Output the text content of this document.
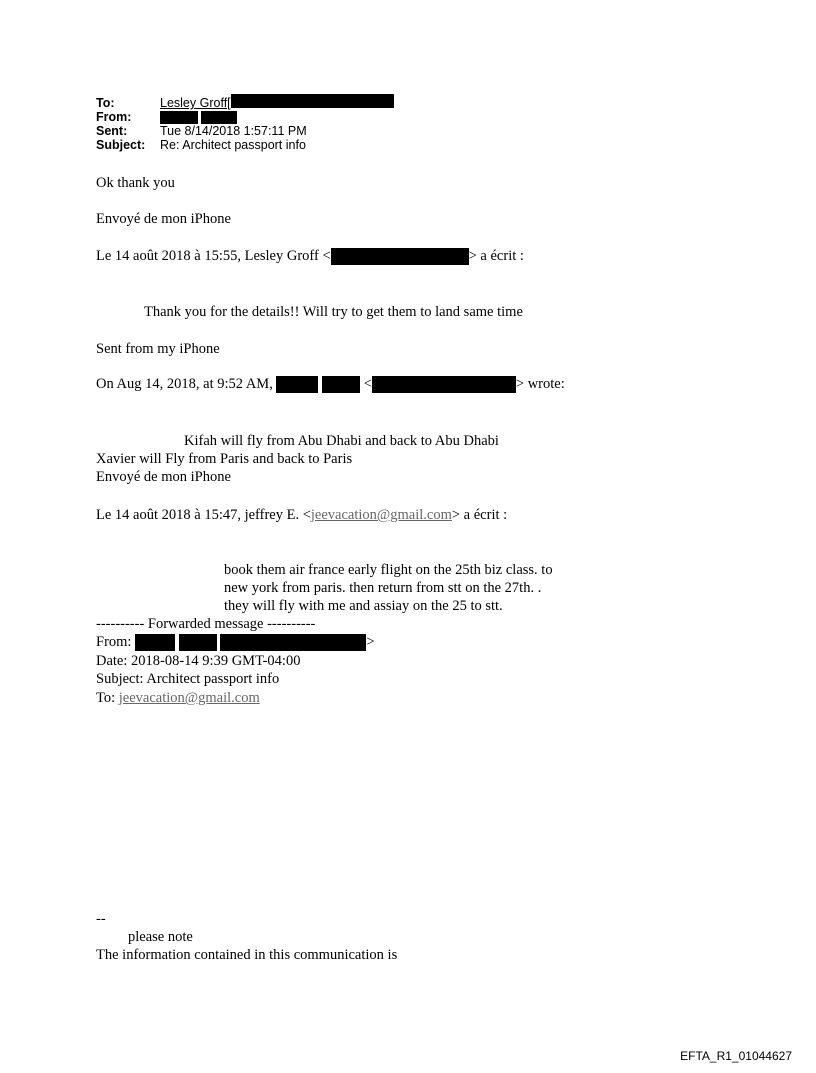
To:	Lesley Groff[
From:

Sent:	Tue 8/14/2018 1:57:11 PM
Subject: Re: Architect passport info
Ok thank you
Envoyé de mon iPhone
Le 14 août 2018 à 15:55, Lesley Groff <	> a écrit :
Thank you for the details!! Will try to get them to land same time
Sent from my iPhone
On Aug 14, 2018, at 9:52 AM,	<	> wrote:
Kifah will fly from Abu Dhabi and back to Abu Dhabi
Xavier will Fly from Paris and back to Paris
Envoyé de mon iPhone
Le 14 août 2018 à 15:47, jeffrey E. <jeevacation@gmail.com> a écrit :
book them air france early flight on the 25th biz class. to
new york from paris. then return from stt on the 27th. .
they will fly with me and assiay on the 25 to stt.
---------- Forwarded message ----------
From:	>
Date: 2018-08-14 9:39 GMT-04:00
Subject: Architect passport info
To: jeevacation@gmail.com
--
please note
The information contained in this communication is
EFTA_R1_01044627
